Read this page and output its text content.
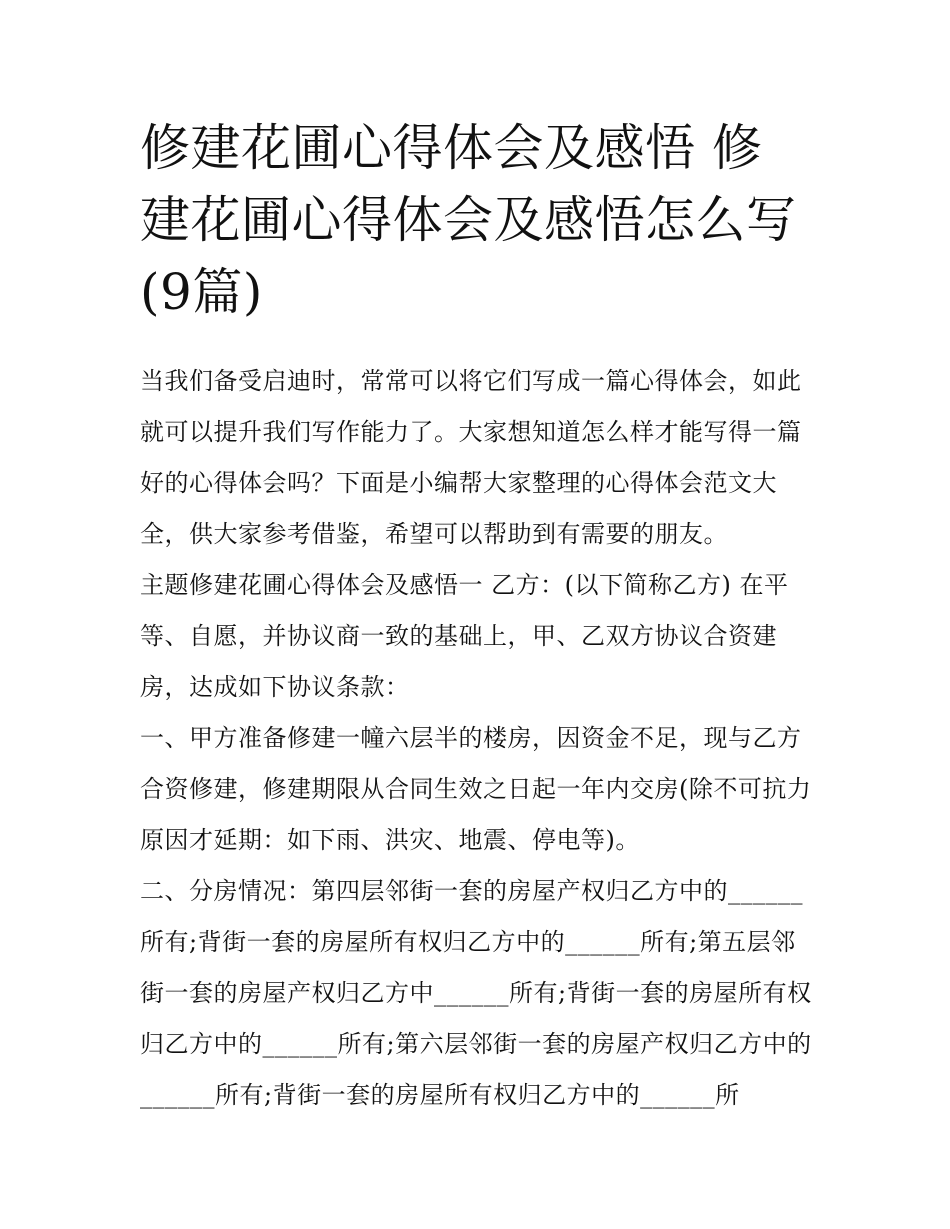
修建花圃心得体会及感悟 修建花圃心得体会及感悟怎么写(9篇)

当我们备受启迪时，常常可以将它们写成一篇心得体会，如此就可以提升我们写作能力了。大家想知道怎么样才能写得一篇好的心得体会吗？下面是小编帮大家整理的心得体会范文大全，供大家参考借鉴，希望可以帮助到有需要的朋友。

主题修建花圃心得体会及感悟一 乙方：(以下简称乙方) 在平等、自愿，并协议商一致的基础上，甲、乙双方协议合资建房，达成如下协议条款：

一、甲方准备修建一幢六层半的楼房，因资金不足，现与乙方合资修建，修建期限从合同生效之日起一年内交房(除不可抗力原因才延期：如下雨、洪灾、地震、停电等)。

二、分房情况：第四层邻街一套的房屋产权归乙方中的______所有;背街一套的房屋所有权归乙方中的______所有;第五层邻街一套的房屋产权归乙方中______所有;背街一套的房屋所有权归乙方中的______所有;第六层邻街一套的房屋产权归乙方中的______所有;背街一套的房屋所有权归乙方中的______所
